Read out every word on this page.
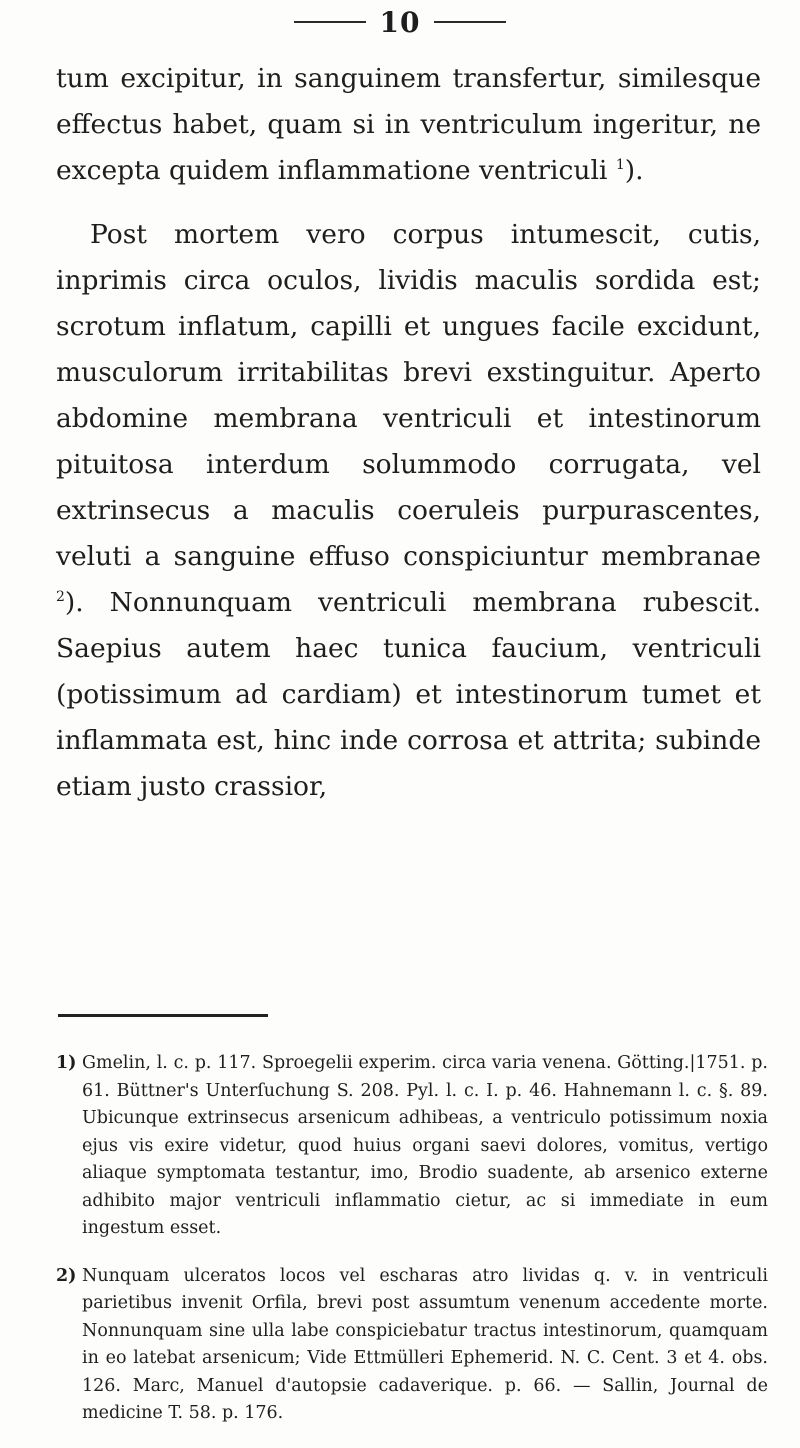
10

tum excipitur, in sanguinem transfertur, similesque effectus habet, quam si in ventriculum ingeritur, ne excepta quidem inflammatione ventriculi $^1$).

Post mortem vero corpus intumescit, cutis, inprimis circa oculos, lividis maculis sordida est; scrotum inflatum, capilli et ungues facile excidunt, musculorum irritabilitas brevi exstinguitur. Aperto abdomine membrana ventriculi et intestinorum pituitosa interdum solummodo corrugata, vel extrinsecus a maculis coeruleis purpurascentes, veluti a sanguine effuso conspiciuntur membranae $^2$). Nonnunquam ventriculi membrana rubescit. Saepius autem haec tunica faucium, ventriculi (potissimum ad cardiam) et intestinorum tumet et inflammata est, hinc inde corrosa et attrita; subinde etiam justo crassior,

1) Gmelin, l. c. p. 117. Sproegelii experim. circa varia venena. Götting.|1751. p. 61. Büttner's Unterſuchung S. 208. Pyl. l. c. I. p. 46. Hahnemann l. c. §. 89. Ubicunque extrinsecus arsenicum adhibeas, a ventriculo potissimum noxia ejus vis exire videtur, quod huius organi saevi dolores, vomitus, vertigo aliaque symptomata testantur, imo, Brodio suadente, ab arsenico externe adhibito major ventriculi inflammatio cietur, ac si immediate in eum ingestum esset.
2) Nunquam ulceratos locos vel escharas atro lividas q. v. in ventriculi parietibus invenit Orfila, brevi post assumtum venenum accedente morte. Nonnunquam sine ulla labe conspiciebatur tractus intestinorum, quamquam in eo latebat arsenicum; Vide Ettmülleri Ephemerid. N. C. Cent. 3 et 4. obs. 126. Marc, Manuel d'autopsie cadaverique. p. 66. — Sallin, Journal de medicine T. 58. p. 176.
